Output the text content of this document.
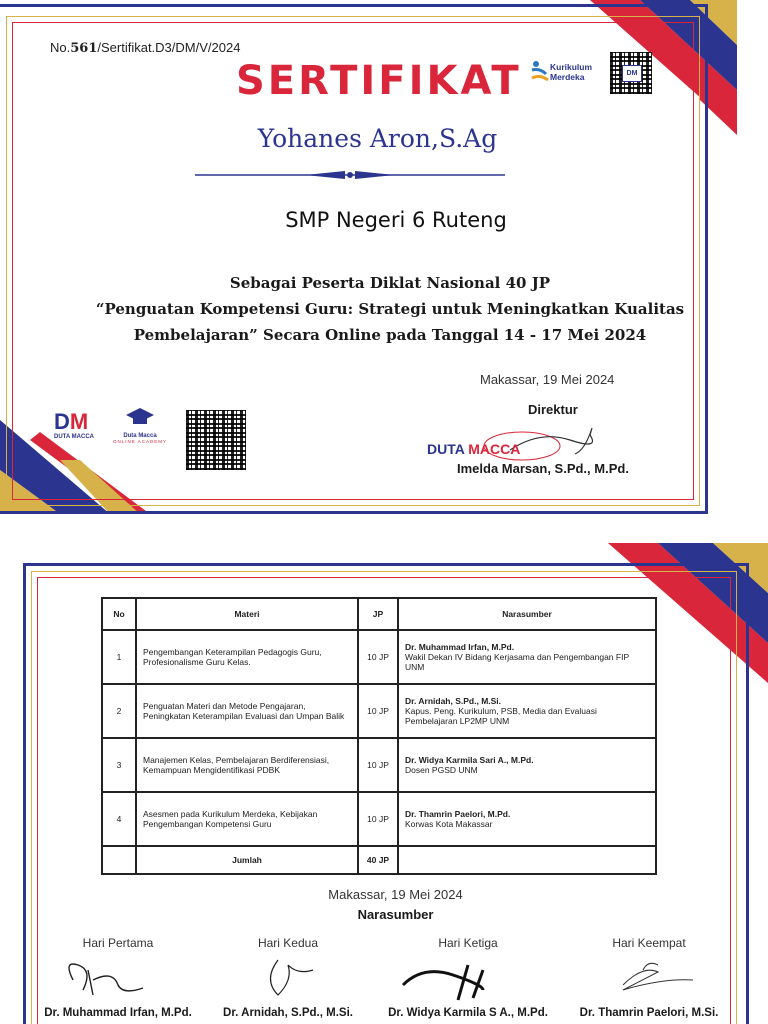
No.561/Sertifikat.D3/DM/V/2024
SERTIFIKAT	Kurikulum
Merdeka	DM
Yohanes Aron,S.Ag
SMP Negeri 6 Ruteng
Sebagai Peserta Diklat Nasional 40 JP
“Penguatan Kompetensi Guru: Strategi untuk Meningkatkan Kualitas
Pembelajaran” Secara Online pada Tanggal 14 - 17 Mei 2024
Makassar, 19 Mei 2024
Direktur
DUTA MACCA
Imelda Marsan, S.Pd., M.Pd.
DM
DUTA MACCA	Duta Macca
ONLINE ACADEMY
No	Materi	JP	Narasumber
1	Pengembangan Keterampilan Pedagogis Guru, Profesionalisme Guru Kelas.	10 JP	Dr. Muhammad Irfan, M.Pd.
Wakil Dekan IV Bidang Kerjasama dan Pengembangan FIP UNM
2	Penguatan Materi dan Metode Pengajaran, Peningkatan Keterampilan Evaluasi dan Umpan Balik	10 JP	Dr. Arnidah, S.Pd., M.Si.
Kapus. Peng. Kurikulum, PSB, Media dan Evaluasi Pembelajaran LP2MP UNM
3	Manajemen Kelas, Pembelajaran Berdiferensiasi, Kemampuan Mengidentifikasi PDBK	10 JP	Dr. Widya Karmila Sari A., M.Pd.
Dosen PGSD UNM
4	Asesmen pada Kurikulum Merdeka, Kebijakan Pengembangan Kompetensi Guru	10 JP	Dr. Thamrin Paelori, M.Pd.
Korwas Kota Makassar
	Jumlah	40 JP	
Makassar, 19 Mei 2024
Narasumber
Hari Pertama
Dr. Muhammad Irfan, M.Pd.
Hari Kedua
Dr. Arnidah, S.Pd., M.Si.
Hari Ketiga
Dr. Widya Karmila S A., M.Pd.
Hari Keempat
Dr. Thamrin Paelori, M.Si.
